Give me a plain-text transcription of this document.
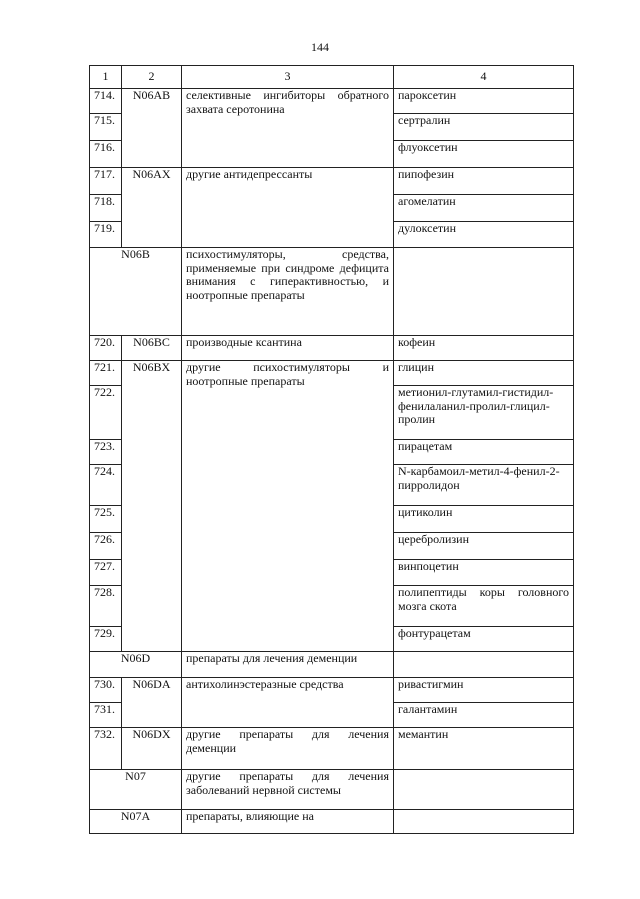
144
1	2	3	4
714.	N06AB	селективные ингибиторы обратного захвата серотонина	пароксетин
715.			сертралин
716.			флуоксетин
717.	N06AX	другие антидепрессанты	пипофезин
718.			агомелатин
719.			дулоксетин
N06B		психостимуляторы, средства, применяемые при синдроме дефицита внимания с гиперактивностью, и ноотропные препараты	
720.	N06BC	производные ксантина	кофеин
721.	N06BX	другие психостимуляторы и ноотропные препараты	глицин
722.			метионил-глутамил-гистидил-фенилаланил-пролил-глицил-пролин
723.			пирацетам
724.			N-карбамоил-метил-4-фенил-2-пирролидон
725.			цитиколин
726.			церебролизин
727.			винпоцетин
728.			полипептиды коры головного мозга скота
729.			фонтурацетам
N06D		препараты для лечения деменции	
730.	N06DA	антихолинэстеразные средства	ривастигмин
731.			галантамин
732.	N06DX	другие препараты для лечения деменции	мемантин
N07		другие препараты для лечения заболеваний нервной системы	
N07A		препараты, влияющие на	
